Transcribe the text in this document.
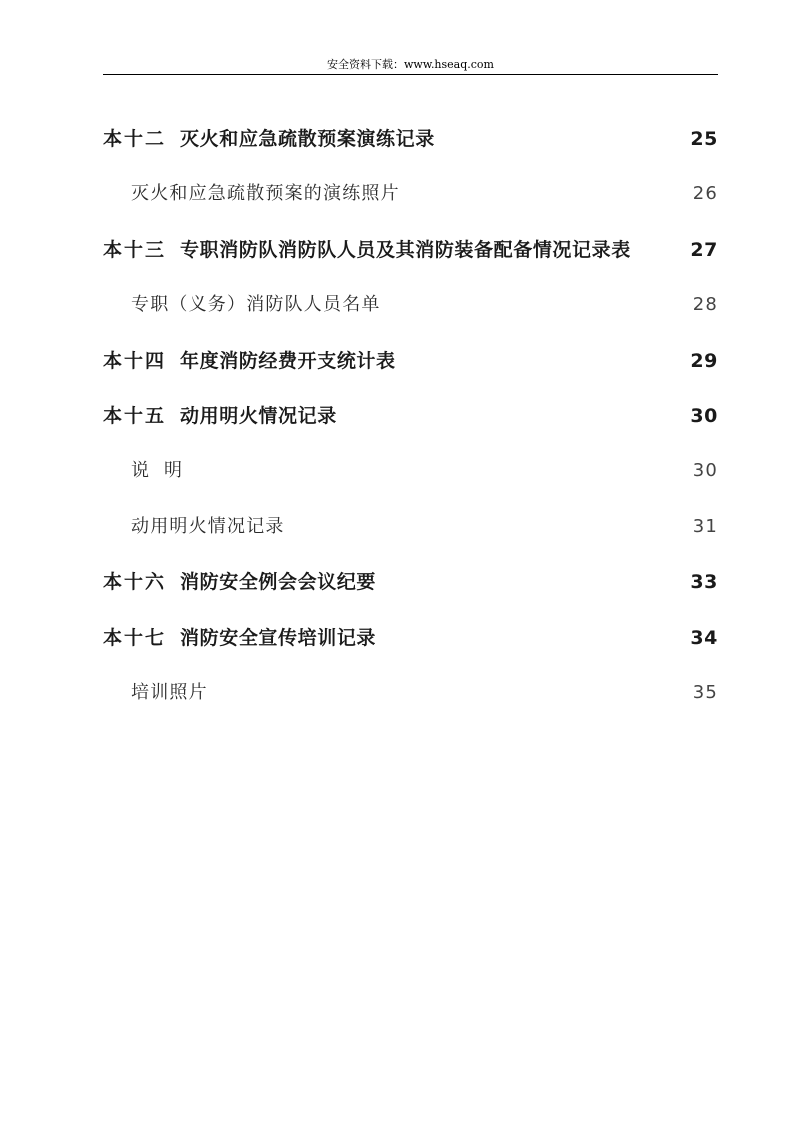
安全资料下载：www.hseaq.com
本十二 灭火和应急疏散预案演练记录	25
灭火和应急疏散预案的演练照片	26
本十三 专职消防队消防队人员及其消防装备配备情况记录表	27
专职（义务）消防队人员名单	28
本十四 年度消防经费开支统计表	29
本十五 动用明火情况记录	30
说  明	30
动用明火情况记录	31
本十六 消防安全例会会议纪要	33
本十七 消防安全宣传培训记录	34
培训照片	35
